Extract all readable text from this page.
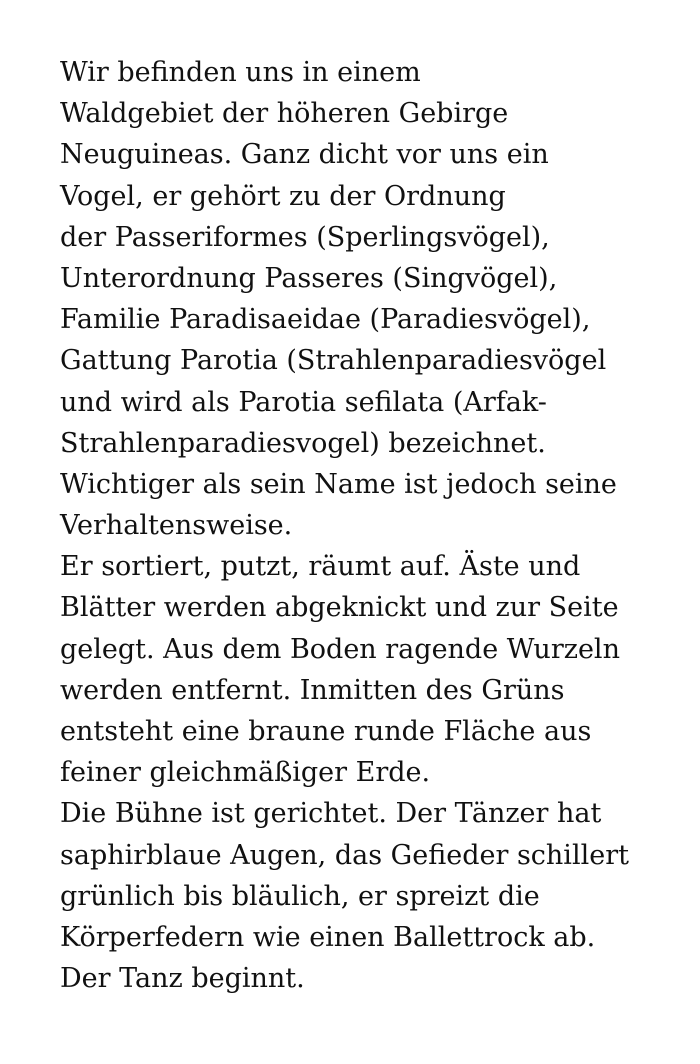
Wir befinden uns in einem
Waldgebiet der höheren Gebirge
Neuguineas. Ganz dicht vor uns ein
Vogel, er gehört zu der Ordnung
der Passeriformes (Sperlingsvögel),
Unterordnung Passeres (Singvögel),
Familie Paradisaeidae (Paradiesvögel),
Gattung Parotia (Strahlenparadiesvögel
und wird als Parotia sefilata (Arfak-
Strahlenparadiesvogel) bezeichnet.
Wichtiger als sein Name ist jedoch seine
Verhaltensweise.
Er sortiert, putzt, räumt auf. Äste und
Blätter werden abgeknickt und zur Seite
gelegt. Aus dem Boden ragende Wurzeln
werden entfernt. Inmitten des Grüns
entsteht eine braune runde Fläche aus
feiner gleichmäßiger Erde.
Die Bühne ist gerichtet. Der Tänzer hat
saphirblaue Augen, das Gefieder schillert
grünlich bis bläulich, er spreizt die
Körperfedern wie einen Ballettrock ab.
Der Tanz beginnt.
